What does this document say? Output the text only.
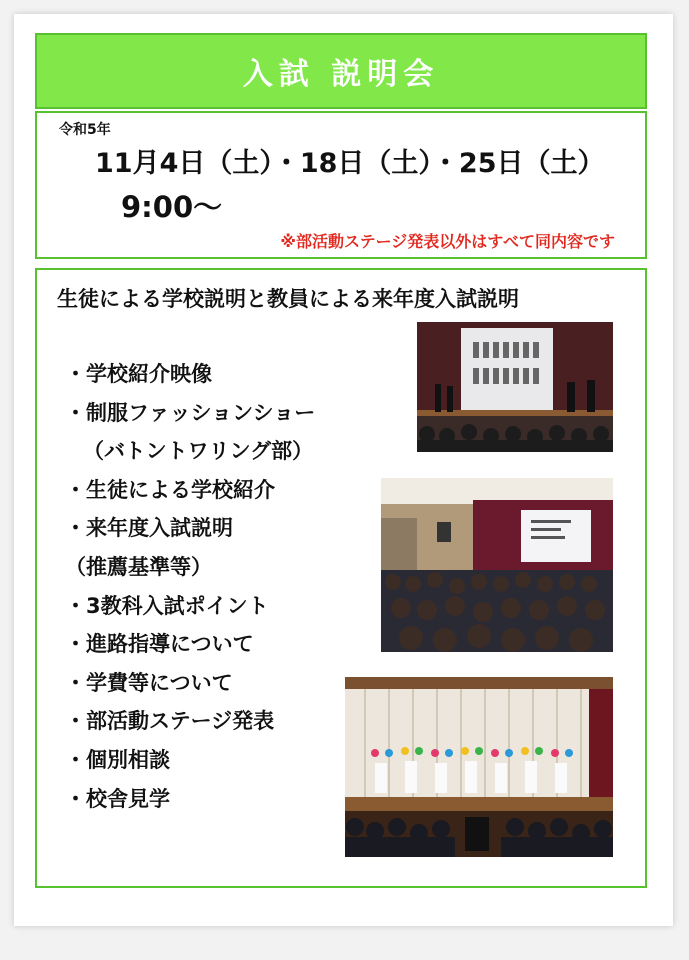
入試 説明会
令和5年
11月4日（土）・18日（土）・25日（土）
9:00～
※部活動ステージ発表以外はすべて同内容です
生徒による学校説明と教員による来年度入試説明
・学校紹介映像
・制服ファッションショー
（バトントワリング部）
・生徒による学校紹介
・来年度入試説明
（推薦基準等）
・3教科入試ポイント
・進路指導について
・学費等について
・部活動ステージ発表
・個別相談
・校舎見学
